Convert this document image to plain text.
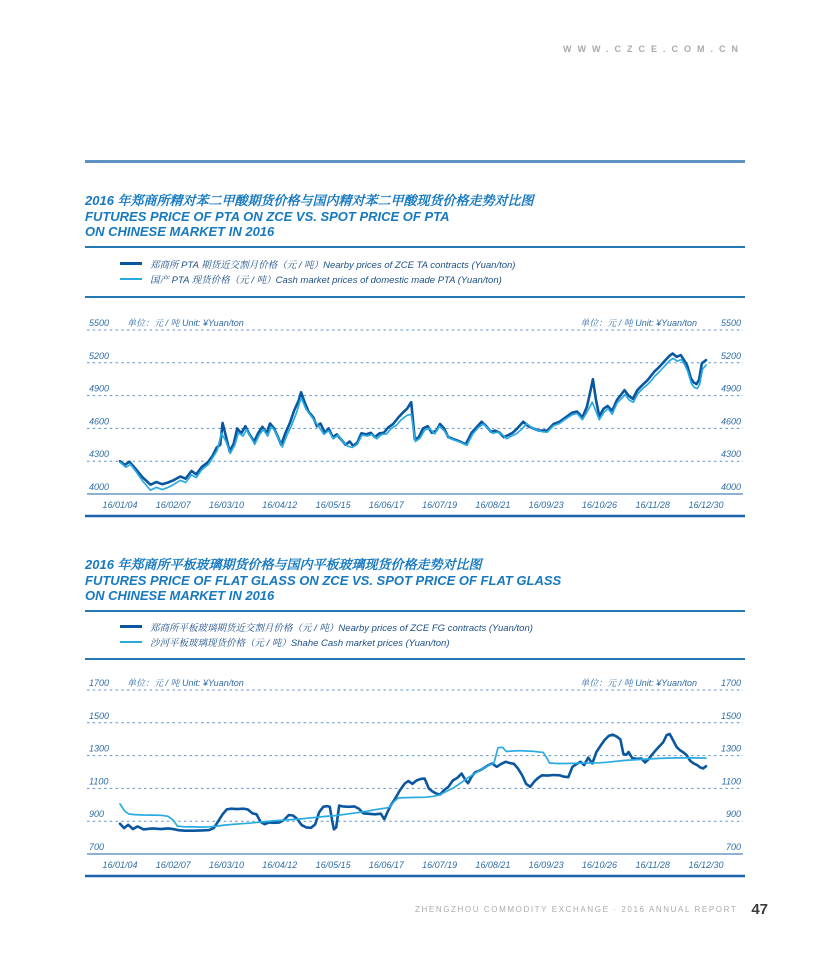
WWW.CZCE.COM.CN
2016 年郑商所精对苯二甲酸期货价格与国内精对苯二甲酸现货价格走势对比图
FUTURES PRICE OF PTA ON ZCE VS. SPOT PRICE OF PTA
ON CHINESE MARKET IN 2016
郑商所 PTA 期货近交割月价格（元 / 吨）Nearby prices of ZCE TA contracts (Yuan/ton)
国产 PTA 现货价格（元 / 吨）Cash market prices of domestic made PTA (Yuan/ton)
5500	5500
5200	5200
4900	4900
4600	4600
4300	4300
4000	4000
单位：元 / 吨 Unit: ¥Yuan/ton	单位：元 / 吨 Unit: ¥Yuan/ton
16/01/04 16/02/07 16/03/10 16/04/12 16/05/15 16/06/17 16/07/19 16/08/21 16/09/23 16/10/26 16/11/28 16/12/30
2016 年郑商所平板玻璃期货价格与国内平板玻璃现货价格走势对比图
FUTURES PRICE OF FLAT GLASS ON ZCE VS. SPOT PRICE OF FLAT GLASS
ON CHINESE MARKET IN 2016
郑商所平板玻璃期货近交割月价格（元 / 吨）Nearby prices of ZCE FG contracts (Yuan/ton)
沙河平板玻璃现货价格（元 / 吨）Shahe Cash market prices (Yuan/ton)
1700	1700
1500	1500
1300	1300
1100	1100
900	900
700	700
单位：元 / 吨 Unit: ¥Yuan/ton	单位：元 / 吨 Unit: ¥Yuan/ton
16/01/04 16/02/07 16/03/10 16/04/12 16/05/15 16/06/17 16/07/19 16/08/21 16/09/23 16/10/26 16/11/28 16/12/30
ZHENGZHOU COMMODITY EXCHANGE · 2016 ANNUAL REPORT 47
